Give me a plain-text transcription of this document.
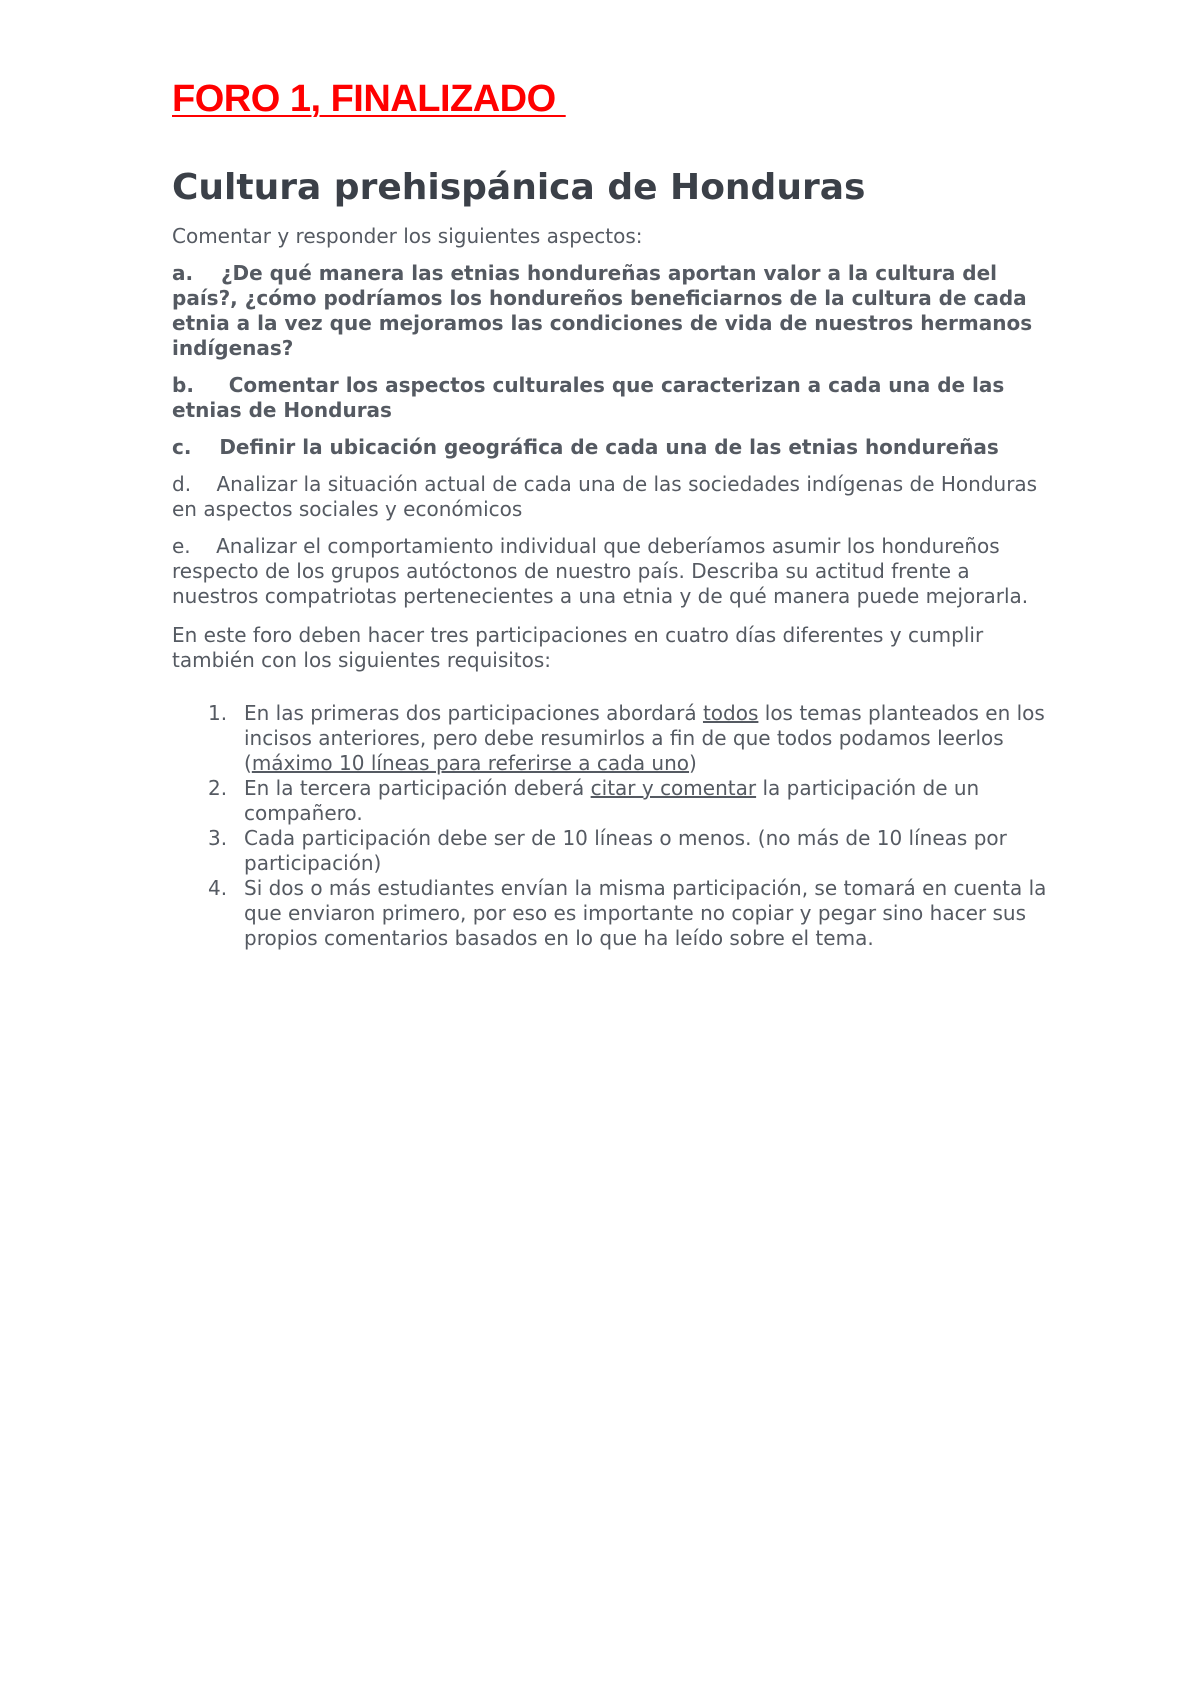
FORO 1, FINALIZADO
Cultura prehispánica de Honduras

Comentar y responder los siguientes aspectos:

a. ¿De qué manera las etnias hondureñas aportan valor a la cultura del país?, ¿cómo podríamos los hondureños beneficiarnos de la cultura de cada etnia a la vez que mejoramos las condiciones de vida de nuestros hermanos indígenas?

b. Comentar los aspectos culturales que caracterizan a cada una de las etnias de Honduras

c. Definir la ubicación geográfica de cada una de las etnias hondureñas

d. Analizar la situación actual de cada una de las sociedades indígenas de Honduras en aspectos sociales y económicos

e. Analizar el comportamiento individual que deberíamos asumir los hondureños respecto de los grupos autóctonos de nuestro país. Describa su actitud frente a nuestros compatriotas pertenecientes a una etnia y de qué manera puede mejorarla.

En este foro deben hacer tres participaciones en cuatro días diferentes y cumplir también con los siguientes requisitos:

1. En las primeras dos participaciones abordará todos los temas planteados en los incisos anteriores, pero debe resumirlos a fin de que todos podamos leerlos (máximo 10 líneas para referirse a cada uno)
2. En la tercera participación deberá citar y comentar la participación de un compañero.
3. Cada participación debe ser de 10 líneas o menos. (no más de 10 líneas por participación)
4. Si dos o más estudiantes envían la misma participación, se tomará en cuenta la que enviaron primero, por eso es importante no copiar y pegar sino hacer sus propios comentarios basados en lo que ha leído sobre el tema.
